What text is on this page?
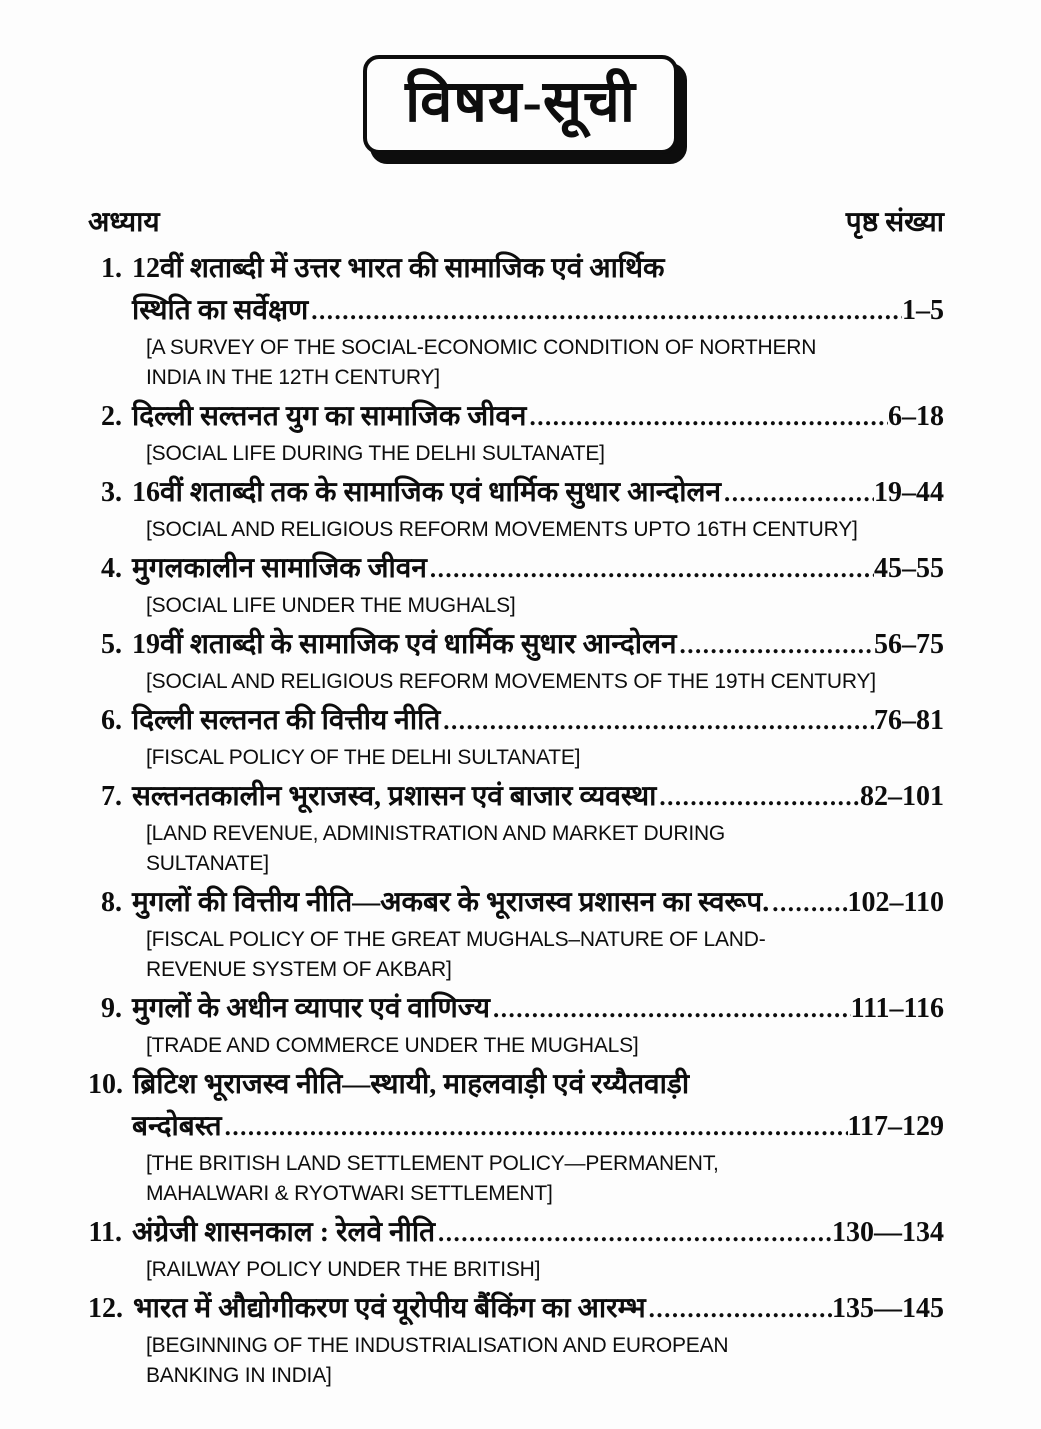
विषय-सूची
अध्याय	पृष्ठ संख्या
1. 12वीं शताब्दी में उत्तर भारत की सामाजिक एवं आर्थिक
स्थिति का सर्वेक्षण .....	1–5
[A SURVEY OF THE SOCIAL-ECONOMIC CONDITION OF NORTHERN
INDIA IN THE 12TH CENTURY]
2. दिल्ली सल्तनत युग का सामाजिक जीवन .....	6–18
[SOCIAL LIFE DURING THE DELHI SULTANATE]
3. 16वीं शताब्दी तक के सामाजिक एवं धार्मिक सुधार आन्दोलन .....	19–44
[SOCIAL AND RELIGIOUS REFORM MOVEMENTS UPTO 16TH CENTURY]
4. मुगलकालीन सामाजिक जीवन .....	45–55
[SOCIAL LIFE UNDER THE MUGHALS]
5. 19वीं शताब्दी के सामाजिक एवं धार्मिक सुधार आन्दोलन .....	56–75
[SOCIAL AND RELIGIOUS REFORM MOVEMENTS OF THE 19TH CENTURY]
6. दिल्ली सल्तनत की वित्तीय नीति .....	76–81
[FISCAL POLICY OF THE DELHI SULTANATE]
7. सल्तनतकालीन भूराजस्व, प्रशासन एवं बाजार व्यवस्था .....	82–101
[LAND REVENUE, ADMINISTRATION AND MARKET DURING
SULTANATE]
8. मुगलों की वित्तीय नीति—अकबर के भूराजस्व प्रशासन का स्वरूप. .....	102–110
[FISCAL POLICY OF THE GREAT MUGHALS–NATURE OF LAND-
REVENUE SYSTEM OF AKBAR]
9. मुगलों के अधीन व्यापार एवं वाणिज्य .....	111–116
[TRADE AND COMMERCE UNDER THE MUGHALS]
10. ब्रिटिश भूराजस्व नीति—स्थायी, माहलवाड़ी एवं रय्यैतवाड़ी
बन्दोबस्त .....	117–129
[THE BRITISH LAND SETTLEMENT POLICY—PERMANENT,
MAHALWARI & RYOTWARI SETTLEMENT]
11. अंग्रेजी शासनकाल : रेलवे नीति .....	130—134
[RAILWAY POLICY UNDER THE BRITISH]
12. भारत में औद्योगीकरण एवं यूरोपीय बैंकिंग का आरम्भ .....	135—145
[BEGINNING OF THE INDUSTRIALISATION AND EUROPEAN
BANKING IN INDIA]
